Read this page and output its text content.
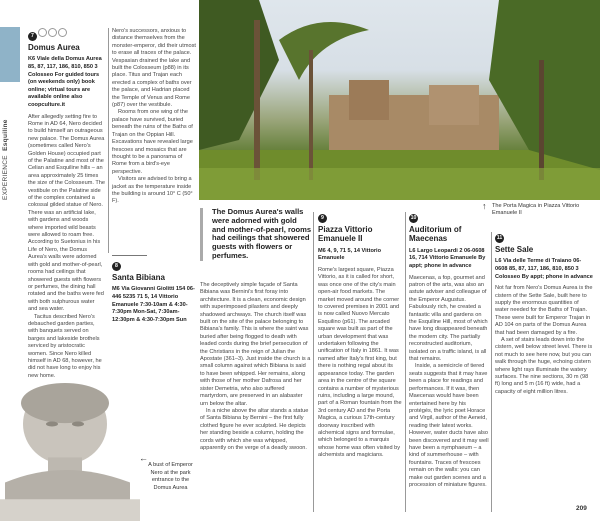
EXPERIENCE  Esquiline
↑ The Porta Magica in Piazza Vittorio Emanuele II
7
Domus Aurea
K6 Viale della Domus Aurea 85, 87, 117, 186, 810, 850 3 Colosseo For guided tours (on weekends only) book online; virtual tours are available online also coopculture.it

After allegedly setting fire to Rome in AD 64, Nero decided to build himself an outrageous new palace. The Domus Aurea (sometimes called Nero's Golden House) occupied part of the Palatine and most of the Celian and Esquiline hills – an area approximately 25 times the size of the Colosseum. The vestibule on the Palatine side of the complex contained a colossal gilded statue of Nero. There was an artificial lake, with gardens and woods where imported wild beasts were allowed to roam free. According to Suetonius in his Life of Nero, the Domus Aurea's walls were adorned with gold and mother-of-pearl, rooms had ceilings that showered guests with flowers or perfumes, the dining hall rotated and the baths were fed with both sulphurous water and sea water.

Tacitus described Nero's debauched garden parties, with banquets served on barges and lakeside brothels serviced by aristocratic women. Since Nero killed himself in AD 68, however, he did not have long to enjoy his new home.

Nero's successors, anxious to distance themselves from the monster-emperor, did their utmost to erase all traces of the palace. Vespasian drained the lake and built the Colosseum (p88) in its place. Titus and Trajan each erected a complex of baths over the palace, and Hadrian placed the Temple of Venus and Rome (p87) over the vestibule.

Rooms from one wing of the palace have survived, buried beneath the ruins of the Baths of Trajan on the Oppian Hill. Excavations have revealed large frescoes and mosaics that are thought to be a panorama of Rome from a bird's-eye perspective.

Visitors are advised to bring a jacket as the temperature inside the building is around 10° C (50° F).

8
Santa Bibiana
M6 Via Giovanni Giolitti 154 06-446 5235 71 5, 14 Vittorio Emanuele 7:30-10am & 4:30-7:30pm Mon-Sat, 7:30am-12:30pm & 4:30-7:30pm Sun
←
A bust of Emperor Nero at the park entrance to the Domus Aurea
The Domus Aurea's walls were adorned with gold and mother-of-pearl, rooms had ceilings that showered guests with flowers or perfumes.

The deceptively simple façade of Santa Bibiana was Bernini's first foray into architecture. It is a clean, economic design with superimposed pilasters and deeply shadowed archways. The church itself was built on the site of the palace belonging to Bibiana's family. This is where the saint was buried after being flogged to death with leaded cords during the brief persecution of the Christians in the reign of Julian the Apostate (361–3). Just inside the church is a small column against which Bibiana is said to have been whipped. Her remains, along with those of her mother Dafrosa and her sister Demetria, who also suffered martyrdom, are preserved in an alabaster urn below the altar.

In a niche above the altar stands a statue of Santa Bibiana by Bernini – the first fully clothed figure he ever sculpted. He depicts her standing beside a column, holding the cords with which she was whipped, apparently on the verge of a deadly swoon.

9
Piazza Vittorio Emanuele II
M6 4, 9, 71 5, 14 Vittorio Emanuele

Rome's largest square, Piazza Vittorio, as it is called for short, was once one of the city's main open-air food markets. The market moved around the corner to covered premises in 2001 and is now called Nuovo Mercato Esquilino (p61). The arcaded square was built as part of the urban development that was undertaken following the unification of Italy in 1861. It was named after Italy's first king, but there is nothing regal about its appearance today. The garden area in the centre of the square contains a number of mysterious ruins, including a large mound, part of a Roman fountain from the 3rd century AD and the Porta Magica, a curious 17th-century doorway inscribed with alchemical signs and formulae, which belonged to a marquis whose home was often visited by alchemists and magicians.

10
Auditorium of Maecenas
L6 Largo Leopardi 2 06-0608 16, 714 Vittorio Emanuele By appt; phone in advance

Maecenas, a fop, gourmet and patron of the arts, was also an astute adviser and colleague of the Emperor Augustus. Fabulously rich, he created a fantastic villa and gardens on the Esquiline Hill, most of which have long disappeared beneath the modern city. The partially reconstructed auditorium, isolated on a traffic island, is all that remains.

Inside, a semicircle of tiered seats suggests that it may have been a place for readings and performances. If it was, then Maecenas would have been entertained here by his protégés, the lyric poet Horace and Virgil, author of the Aeneid, reading their latest works. However, water ducts have also been discovered and it may well have been a nymphaeum – a kind of summerhouse – with fountains. Traces of frescoes remain on the walls: you can make out garden scenes and a procession of miniature figures.

11
Sette Sale
L6 Via delle Terme di Traiano 06-0608 85, 87, 117, 186, 810, 850 3 Colosseo By appt; phone in advance

Not far from Nero's Domus Aurea is the cistern of the Sette Sale, built here to supply the enormous quantities of water needed for the Baths of Trajan. These were built for Emperor Trajan in AD 104 on parts of the Domus Aurea that had been damaged by a fire.

A set of stairs leads down into the cistern, well below street level. There is not much to see here now, but you can walk through the huge, echoing cistern where light rays illuminate the watery surfaces. The nine sections, 30 m (98 ft) long and 5 m (16 ft) wide, had a capacity of eight million litres.

209
